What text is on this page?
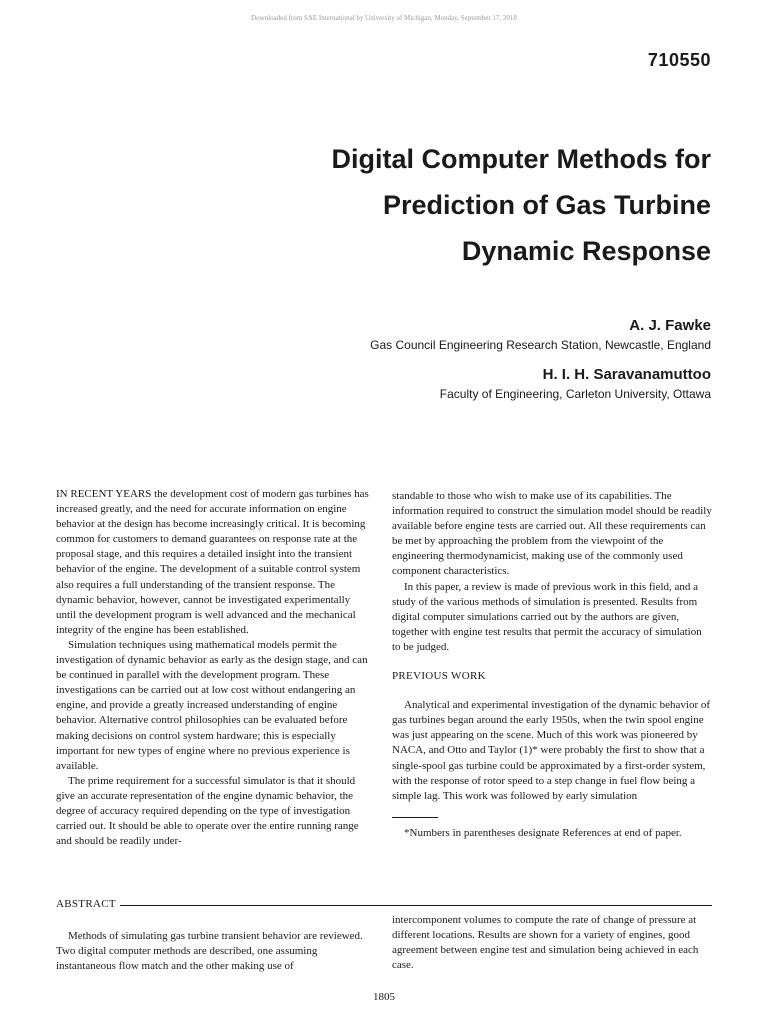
Downloaded from SAE International by University of Michigan, Monday, September 17, 2018
710550
Digital Computer Methods for
Prediction of Gas Turbine
Dynamic Response
A. J. Fawke
Gas Council Engineering Research Station, Newcastle, England
H. I. H. Saravanamuttoo
Faculty of Engineering, Carleton University, Ottawa

IN RECENT YEARS the development cost of modern gas turbines has increased greatly, and the need for accurate information on engine behavior at the design has become increasingly critical. It is becoming common for customers to demand guarantees on response rate at the proposal stage, and this requires a detailed insight into the transient behavior of the engine. The development of a suitable control system also requires a full understanding of the transient response. The dynamic behavior, however, cannot be investigated experimentally until the development program is well advanced and the mechanical integrity of the engine has been established.

Simulation techniques using mathematical models permit the investigation of dynamic behavior as early as the design stage, and can be continued in parallel with the development program. These investigations can be carried out at low cost without endangering an engine, and provide a greatly increased understanding of engine behavior. Alternative control philosophies can be evaluated before making decisions on control system hardware; this is especially important for new types of engine where no previous experience is available.

The prime requirement for a successful simulator is that it should give an accurate representation of the engine dynamic behavior, the degree of accuracy required depending on the type of investigation carried out. It should be able to operate over the entire running range and should be readily under-

standable to those who wish to make use of its capabilities. The information required to construct the simulation model should be readily available before engine tests are carried out. All these requirements can be met by approaching the problem from the viewpoint of the engineering thermodynamicist, making use of the commonly used component characteristics.

In this paper, a review is made of previous work in this field, and a study of the various methods of simulation is presented. Results from digital computer simulations carried out by the authors are given, together with engine test results that permit the accuracy of simulation to be judged.

PREVIOUS WORK

Analytical and experimental investigation of the dynamic behavior of gas turbines began around the early 1950s, when the twin spool engine was just appearing on the scene. Much of this work was pioneered by NACA, and Otto and Taylor (1)* were probably the first to show that a single-spool gas turbine could be approximated by a first-order system, with the response of rotor speed to a step change in fuel flow being a simple lag. This work was followed by early simulation

*Numbers in parentheses designate References at end of paper.

ABSTRACT

Methods of simulating gas turbine transient behavior are reviewed. Two digital computer methods are described, one assuming instantaneous flow match and the other making use of

intercomponent volumes to compute the rate of change of pressure at different locations. Results are shown for a variety of engines, good agreement between engine test and simulation being achieved in each case.

1805
